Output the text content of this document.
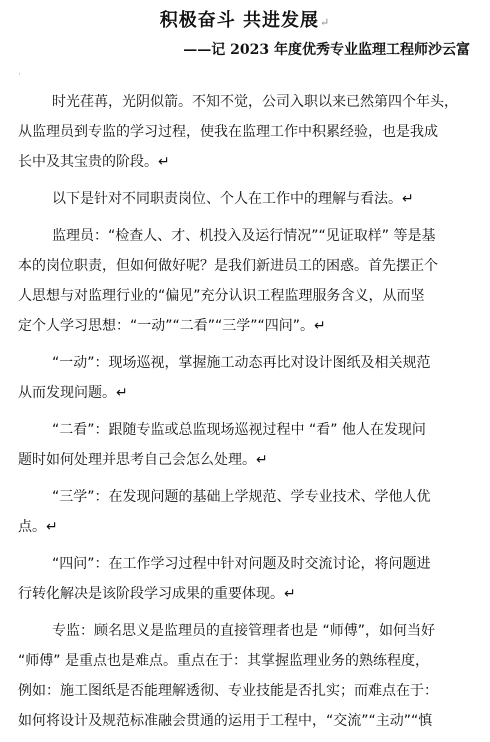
积极奋斗 共进发展↵
——记 2023 年度优秀专业监理工程师沙云富
·
时光荏苒，光阴似箭。不知不觉，公司入职以来已然第四个年头，
从监理员到专监的学习过程，使我在监理工作中积累经验，也是我成
长中及其宝贵的阶段。↵
以下是针对不同职责岗位、个人在工作中的理解与看法。↵
监理员：“检查人、才、机投入及运行情况”“见证取样” 等是基
本的岗位职责，但如何做好呢？是我们新进员工的困惑。首先摆正个
人思想与对监理行业的“偏见”充分认识工程监理服务含义，从而坚
定个人学习思想：“一动”“二看”“三学”“四问”。↵
“一动”：现场巡视，掌握施工动态再比对设计图纸及相关规范
从而发现问题。↵
“二看”：跟随专监或总监现场巡视过程中 “看” 他人在发现问
题时如何处理并思考自己会怎么处理。↵
“三学”：在发现问题的基础上学规范、学专业技术、学他人优
点。↵
“四问”：在工作学习过程中针对问题及时交流讨论，将问题进
行转化解决是该阶段学习成果的重要体现。↵
专监：顾名思义是监理员的直接管理者也是 “师傅”，如何当好
“师傅” 是重点也是难点。重点在于：其掌握监理业务的熟练程度，
例如：施工图纸是否能理解透彻、专业技能是否扎实；而难点在于：
如何将设计及规范标准融会贯通的运用于工程中，“交流”“主动”“慎
